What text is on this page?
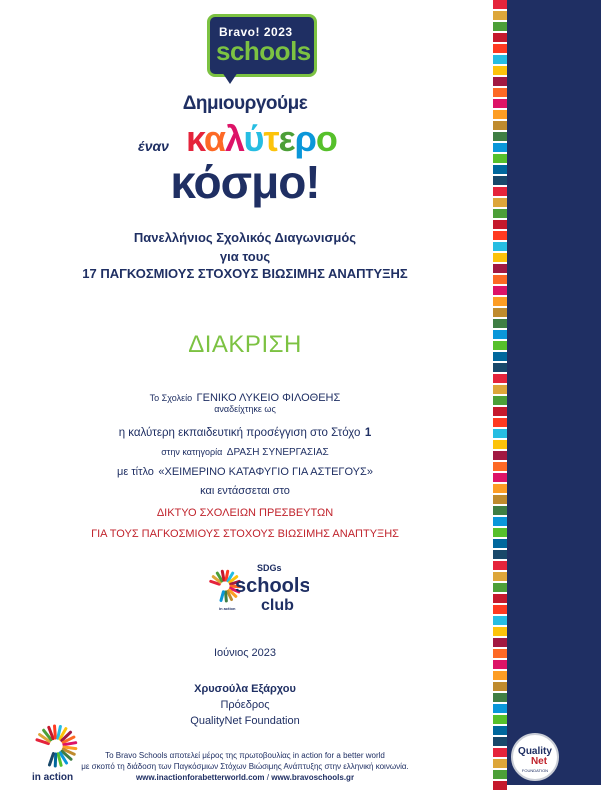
Bravo! 2023
schools
Δημιουργούμε
έναν καλύτερο
κόσμο!
Πανελλήνιος Σχολικός Διαγωνισμός
για τους
17 ΠΑΓΚΟΣΜΙΟΥΣ ΣΤΟΧΟΥΣ ΒΙΩΣΙΜΗΣ ΑΝΑΠΤΥΞΗΣ
ΔΙΑΚΡΙΣΗ
Το Σχολείο ΓΕΝΙΚΟ ΛΥΚΕΙΟ ΦΙΛΟΘΕΗΣ
αναδείχτηκε ως
η καλύτερη εκπαιδευτική προσέγγιση στο Στόχο 1
στην κατηγορία ΔΡΑΣΗ ΣΥΝΕΡΓΑΣΙΑΣ
με τίτλο «ΧΕΙΜΕΡΙΝΟ ΚΑΤΑΦΥΓΙΟ ΓΙΑ ΑΣΤΕΓΟΥΣ»
και εντάσσεται στο
ΔΙΚΤΥΟ ΣΧΟΛΕΙΩΝ ΠΡΕΣΒΕΥΤΩΝ
ΓΙΑ ΤΟΥΣ ΠΑΓΚΟΣΜΙΟΥΣ ΣΤΟΧΟΥΣ ΒΙΩΣΙΜΗΣ ΑΝΑΠΤΥΞΗΣ
SDGs
schools
club
in action
Ιούνιος 2023
Χρυσούλα Εξάρχου
Πρόεδρος
QualityNet Foundation
in action
Το Bravo Schools αποτελεί μέρος της πρωτοβουλίας in action for a better world
με σκοπό τη διάδοση των Παγκόσμιων Στόχων Βιώσιμης Ανάπτυξης στην ελληνική κοινωνία.
www.inactionforabetterworld.com / www.bravoschools.gr
Quality
Net
FOUNDATION
